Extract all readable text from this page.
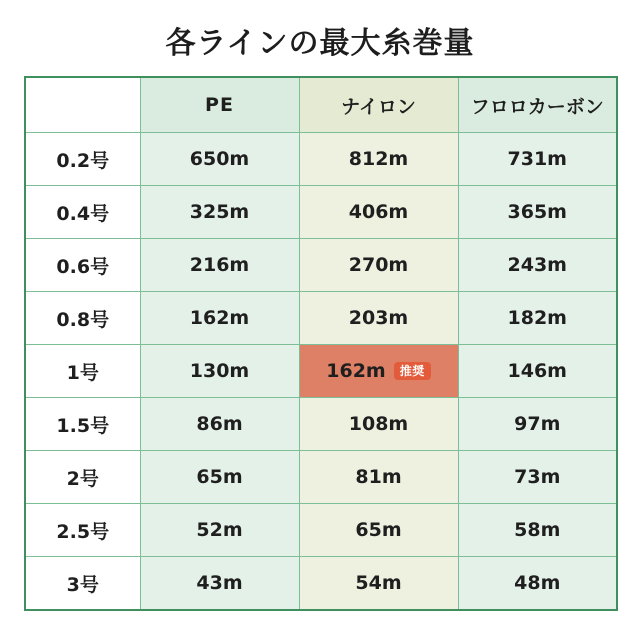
各ラインの最大糸巻量
	PE	ナイロン	フロロカーボン
0.2号	650m	812m	731m
0.4号	325m	406m	365m
0.6号	216m	270m	243m
0.8号	162m	203m	182m
1号	130m	162m 推奨	146m
1.5号	86m	108m	97m
2号	65m	81m	73m
2.5号	52m	65m	58m
3号	43m	54m	48m
